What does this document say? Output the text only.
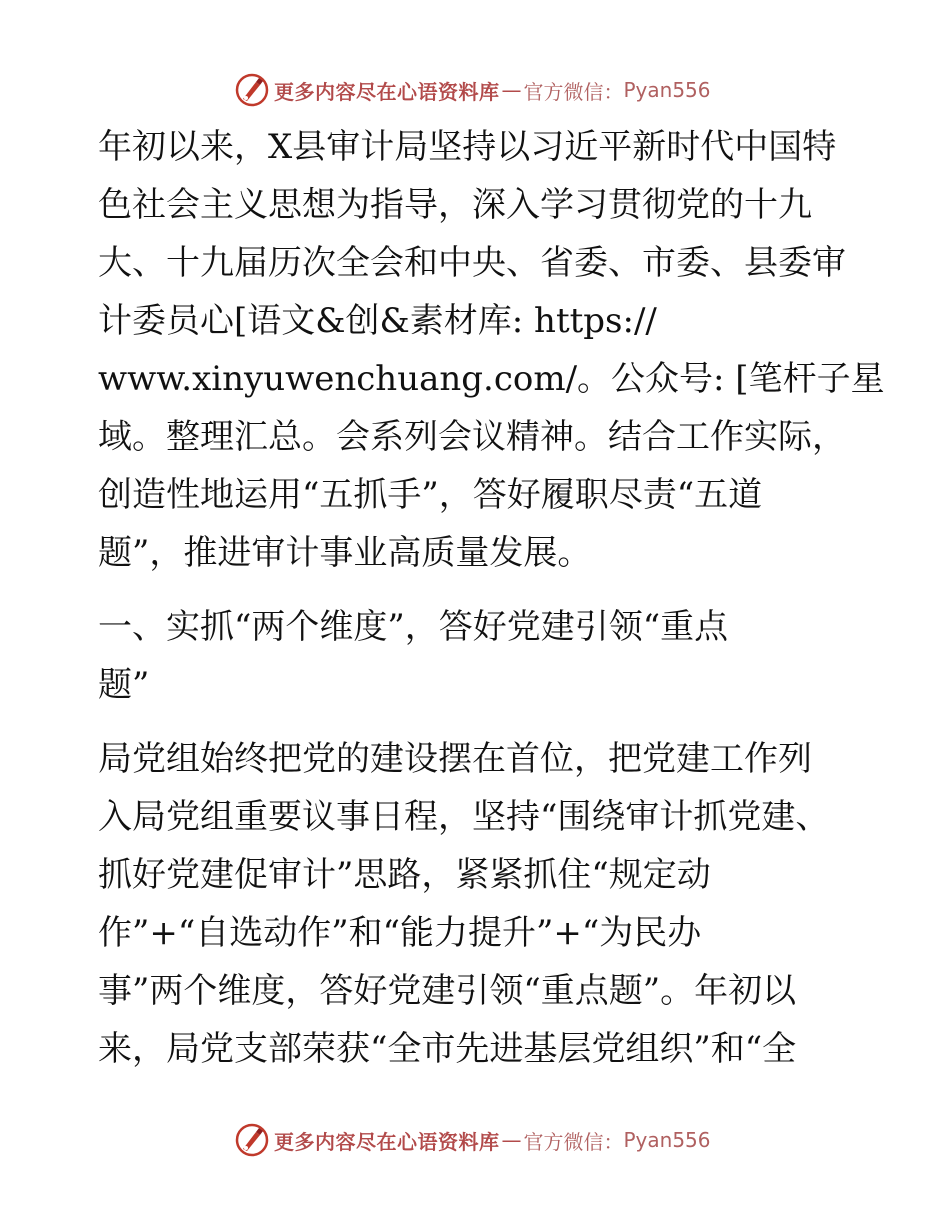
更多内容尽在心语资料库 — 官方微信： Pyan556
年初以来，X县审计局坚持以习近平新时代中国特
色社会主义思想为指导，深入学习贯彻党的十九
大、十九届历次全会和中央、省委、市委、县委审
计委员心[语文&创&素材库: https://
www.xinyuwenchuang.com/。公众号: [笔杆子星
域。整理汇总。会系列会议精神。结合工作实际，
创造性地运用“五抓手”，答好履职尽责“五道
题”，推进审计事业高质量发展。
一、实抓“两个维度”，答好党建引领“重点
题”
局党组始终把党的建设摆在首位，把党建工作列
入局党组重要议事日程，坚持“围绕审计抓党建、
抓好党建促审计”思路，紧紧抓住“规定动
作”+“自选动作”和“能力提升”+“为民办
事”两个维度，答好党建引领“重点题”。年初以
来，局党支部荣获“全市先进基层党组织”和“全
更多内容尽在心语资料库 — 官方微信： Pyan556
